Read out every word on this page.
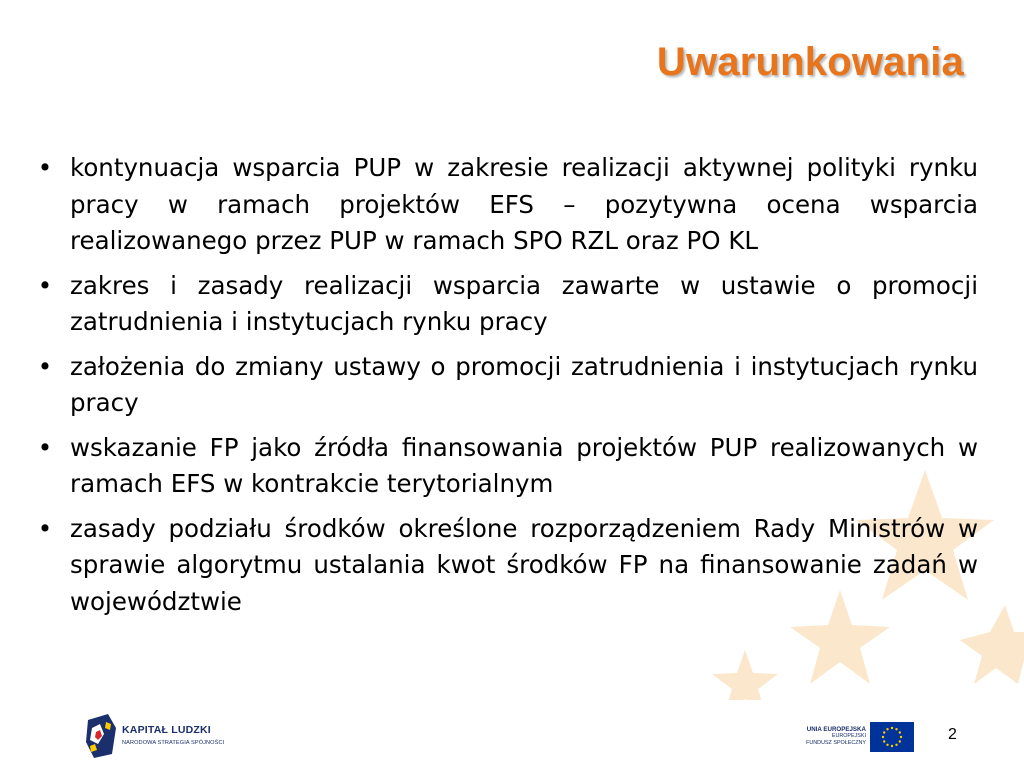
Uwarunkowania
• kontynuacja wsparcia PUP w zakresie realizacji aktywnej polityki rynku pracy w ramach projektów EFS – pozytywna ocena wsparcia realizowanego przez PUP w ramach SPO RZL oraz PO KL
• zakres i zasady realizacji wsparcia zawarte w ustawie o promocji zatrudnienia i instytucjach rynku pracy
• założenia do zmiany ustawy o promocji zatrudnienia i instytucjach rynku pracy
• wskazanie FP jako źródła finansowania projektów PUP realizowanych w ramach EFS w kontrakcie terytorialnym
• zasady podziału środków określone rozporządzeniem Rady Ministrów w sprawie algorytmu ustalania kwot środków FP na finansowanie zadań w województwie
KAPITAŁ LUDZKI
NARODOWA STRATEGIA SPÓJNOŚCI
UNIA EUROPEJSKA
EUROPEJSKI
FUNDUSZ SPOŁECZNY	2
